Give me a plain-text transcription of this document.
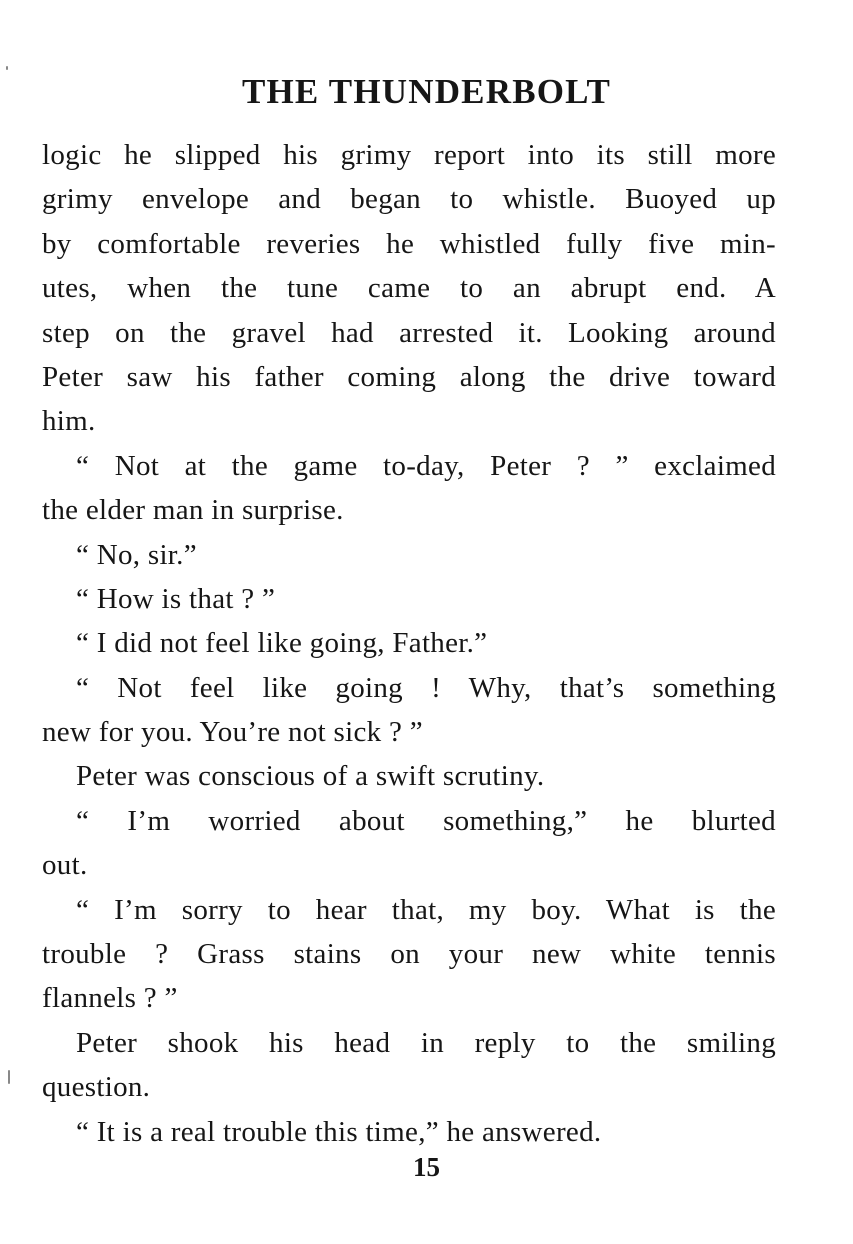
THE THUNDERBOLT
logic he slipped his grimy report into its still more
grimy envelope and began to whistle. Buoyed up
by comfortable reveries he whistled fully five min-
utes, when the tune came to an abrupt end. A
step on the gravel had arrested it. Looking around
Peter saw his father coming along the drive toward
him.
“ Not at the game to-day, Peter ? ” exclaimed
the elder man in surprise.
“ No, sir.”
“ How is that ? ”
“ I did not feel like going, Father.”
“ Not feel like going ! Why, that’s something
new for you. You’re not sick ? ”
Peter was conscious of a swift scrutiny.
“ I’m worried about something,” he blurted
out.
“ I’m sorry to hear that, my boy. What is the
trouble ? Grass stains on your new white tennis
flannels ? ”
Peter shook his head in reply to the smiling
question.
“ It is a real trouble this time,” he answered.
15
